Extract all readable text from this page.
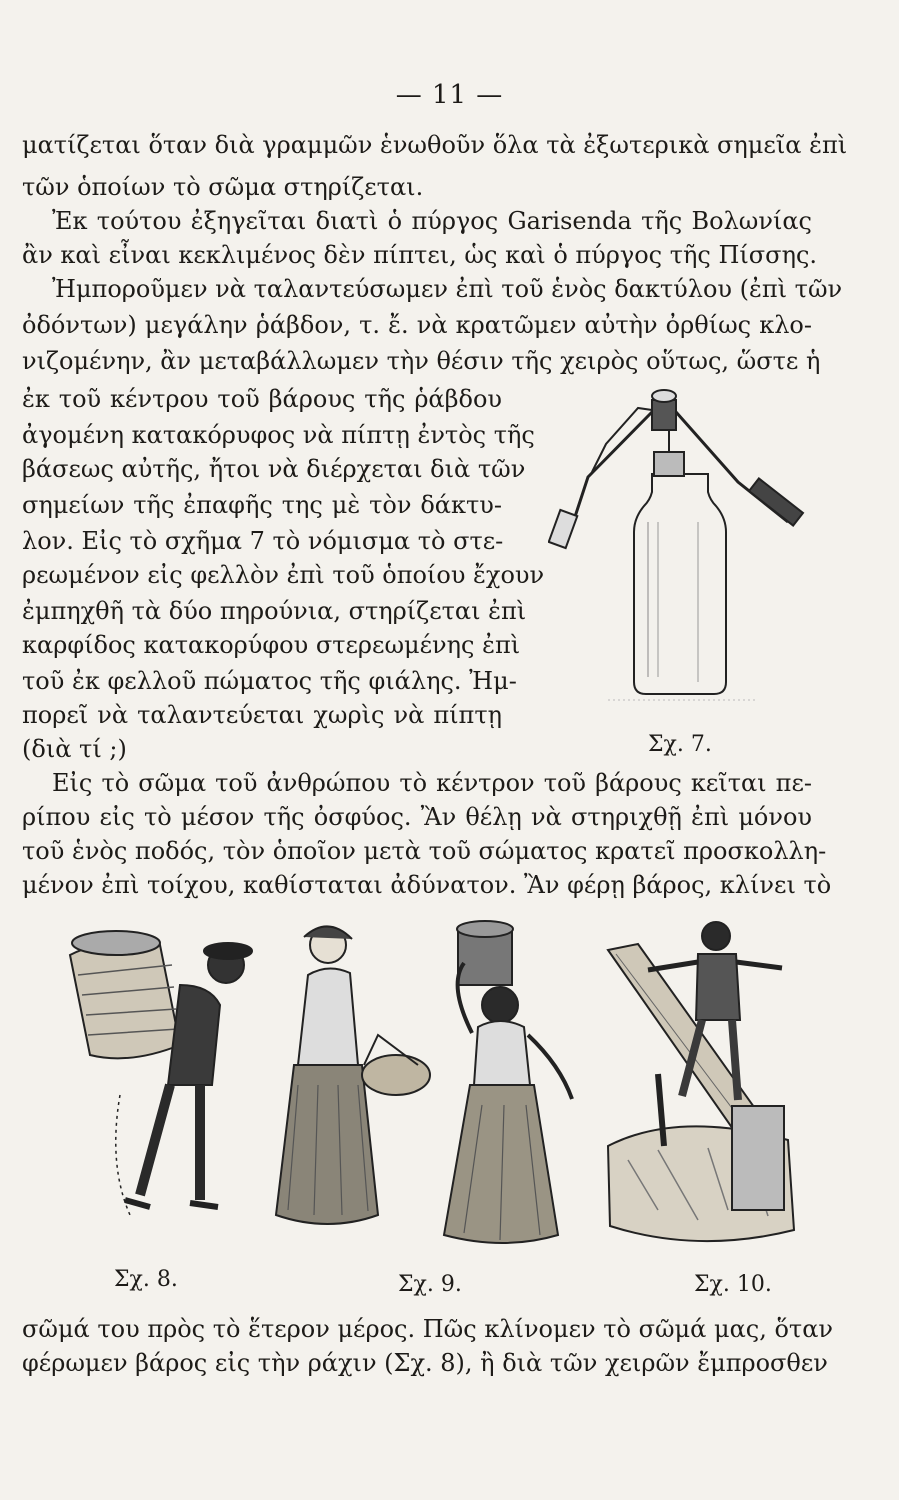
— 11 —
ματίζεται ὅταν διὰ γραμμῶν ἑνωθοῦν ὅλα τὰ ἐξωτερικὰ σημεῖα ἐπὶ
τῶν ὁποίων τὸ σῶμα στηρίζεται.
Ἐκ τούτου ἐξηγεῖται διατὶ ὁ πύργος Garisenda τῆς Βολωνίας
ἂν καὶ εἶναι κεκλιμένος δὲν πίπτει, ὡς καὶ ὁ πύργος τῆς Πίσσης.
Ἠμποροῦμεν νὰ ταλαντεύσωμεν ἐπὶ τοῦ ἑνὸς δακτύλου (ἐπὶ τῶν
ὀδόντων) μεγάλην ῥάβδον, τ. ἔ. νὰ κρατῶμεν αὐτὴν ὀρθίως κλο-
νιζομένην, ἂν μεταβάλλωμεν τὴν θέσιν τῆς χειρὸς οὕτως, ὥστε ἡ
ἐκ τοῦ κέντρου τοῦ βάρους τῆς ῥάβδου
ἀγομένη κατακόρυφος νὰ πίπτῃ ἐντὸς τῆς
βάσεως αὐτῆς, ἤτοι νὰ διέρχεται διὰ τῶν
σημείων τῆς ἐπαφῆς της μὲ τὸν δάκτυ-
λον. Εἰς τὸ σχῆμα 7 τὸ νόμισμα τὸ στε-
ρεωμένον εἰς φελλὸν ἐπὶ τοῦ ὁποίου ἔχουν
ἐμπηχθῆ τὰ δύο πηρούνια, στηρίζεται ἐπὶ
καρφίδος κατακορύφου στερεωμένης ἐπὶ
τοῦ ἐκ φελλοῦ πώματος τῆς φιάλης. Ἠμ-
πορεῖ νὰ ταλαντεύεται χωρὶς νὰ πίπτῃ
(διὰ τί ;)	Σχ. 7.
Εἰς τὸ σῶμα τοῦ ἀνθρώπου τὸ κέντρον τοῦ βάρους κεῖται πε-
ρίπου εἰς τὸ μέσον τῆς ὀσφύος. Ἂν θέλῃ νὰ στηριχθῇ ἐπὶ μόνου
τοῦ ἑνὸς ποδός, τὸν ὁποῖον μετὰ τοῦ σώματος κρατεῖ προσκολλη-
μένον ἐπὶ τοίχου, καθίσταται ἀδύνατον. Ἂν φέρῃ βάρος, κλίνει τὸ
Σχ. 8.	Σχ. 9.	Σχ. 10.
σῶμά του πρὸς τὸ ἕτερον μέρος. Πῶς κλίνομεν τὸ σῶμά μας, ὅταν
φέρωμεν βάρος εἰς τὴν ράχιν (Σχ. 8), ἢ διὰ τῶν χειρῶν ἔμπροσθεν
